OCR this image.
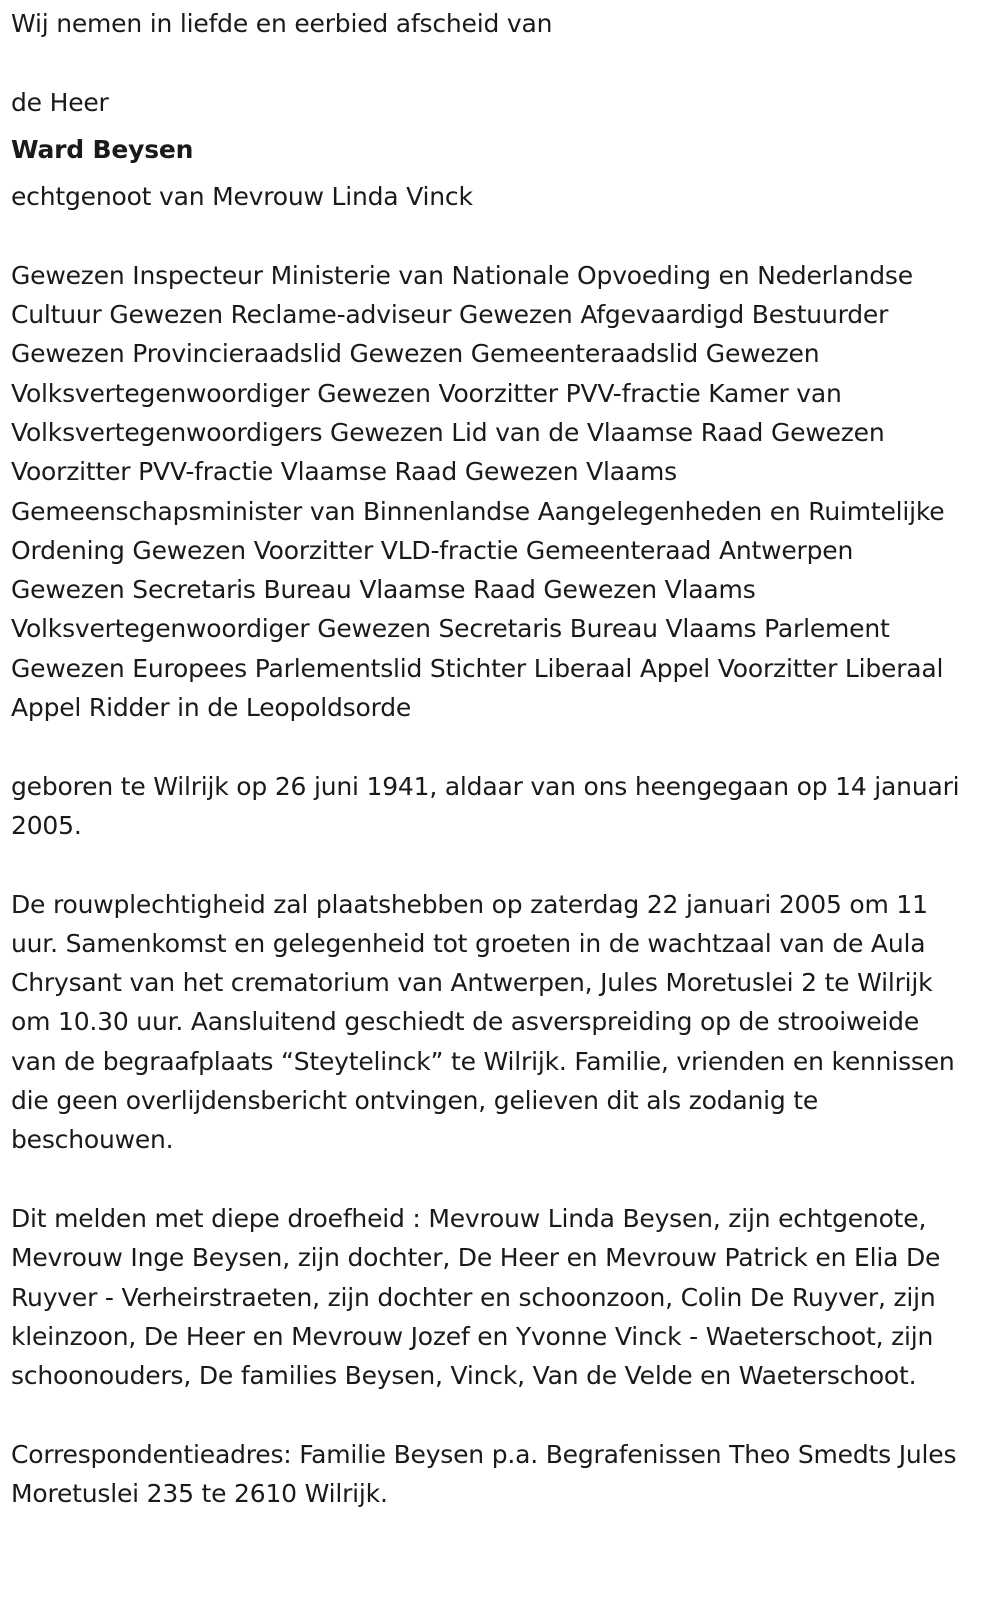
Wij nemen in liefde en eerbied afscheid van

de Heer

Ward Beysen

echtgenoot van Mevrouw Linda Vinck

Gewezen Inspecteur Ministerie van Nationale Opvoeding en Nederlandse Cultuur Gewezen Reclame-adviseur Gewezen Afgevaardigd Bestuurder Gewezen Provincieraadslid Gewezen Gemeenteraadslid Gewezen Volksvertegenwoordiger Gewezen Voorzitter PVV-fractie Kamer van Volksvertegenwoordigers Gewezen Lid van de Vlaamse Raad Gewezen Voorzitter PVV-fractie Vlaamse Raad Gewezen Vlaams Gemeenschapsminister van Binnenlandse Aangelegenheden en Ruimtelijke Ordening Gewezen Voorzitter VLD-fractie Gemeenteraad Antwerpen Gewezen Secretaris Bureau Vlaamse Raad Gewezen Vlaams Volksvertegenwoordiger Gewezen Secretaris Bureau Vlaams Parlement Gewezen Europees Parlementslid Stichter Liberaal Appel Voorzitter Liberaal Appel Ridder in de Leopoldsorde

geboren te Wilrijk op 26 juni 1941, aldaar van ons heengegaan op 14 januari 2005.

De rouwplechtigheid zal plaatshebben op zaterdag 22 januari 2005 om 11 uur. Samenkomst en gelegenheid tot groeten in de wachtzaal van de Aula Chrysant van het crematorium van Antwerpen, Jules Moretuslei 2 te Wilrijk om 10.30 uur. Aansluitend geschiedt de asverspreiding op de strooiweide van de begraafplaats “Steytelinck” te Wilrijk. Familie, vrienden en kennissen die geen overlijdensbericht ontvingen, gelieven dit als zodanig te beschouwen.

Dit melden met diepe droefheid : Mevrouw Linda Beysen, zijn echtgenote, Mevrouw Inge Beysen, zijn dochter, De Heer en Mevrouw Patrick en Elia De Ruyver - Verheirstraeten, zijn dochter en schoonzoon, Colin De Ruyver, zijn kleinzoon, De Heer en Mevrouw Jozef en Yvonne Vinck - Waeterschoot, zijn schoonouders, De families Beysen, Vinck, Van de Velde en Waeterschoot.

Correspondentieadres: Familie Beysen p.a. Begrafenissen Theo Smedts Jules Moretuslei 235 te 2610 Wilrijk.
